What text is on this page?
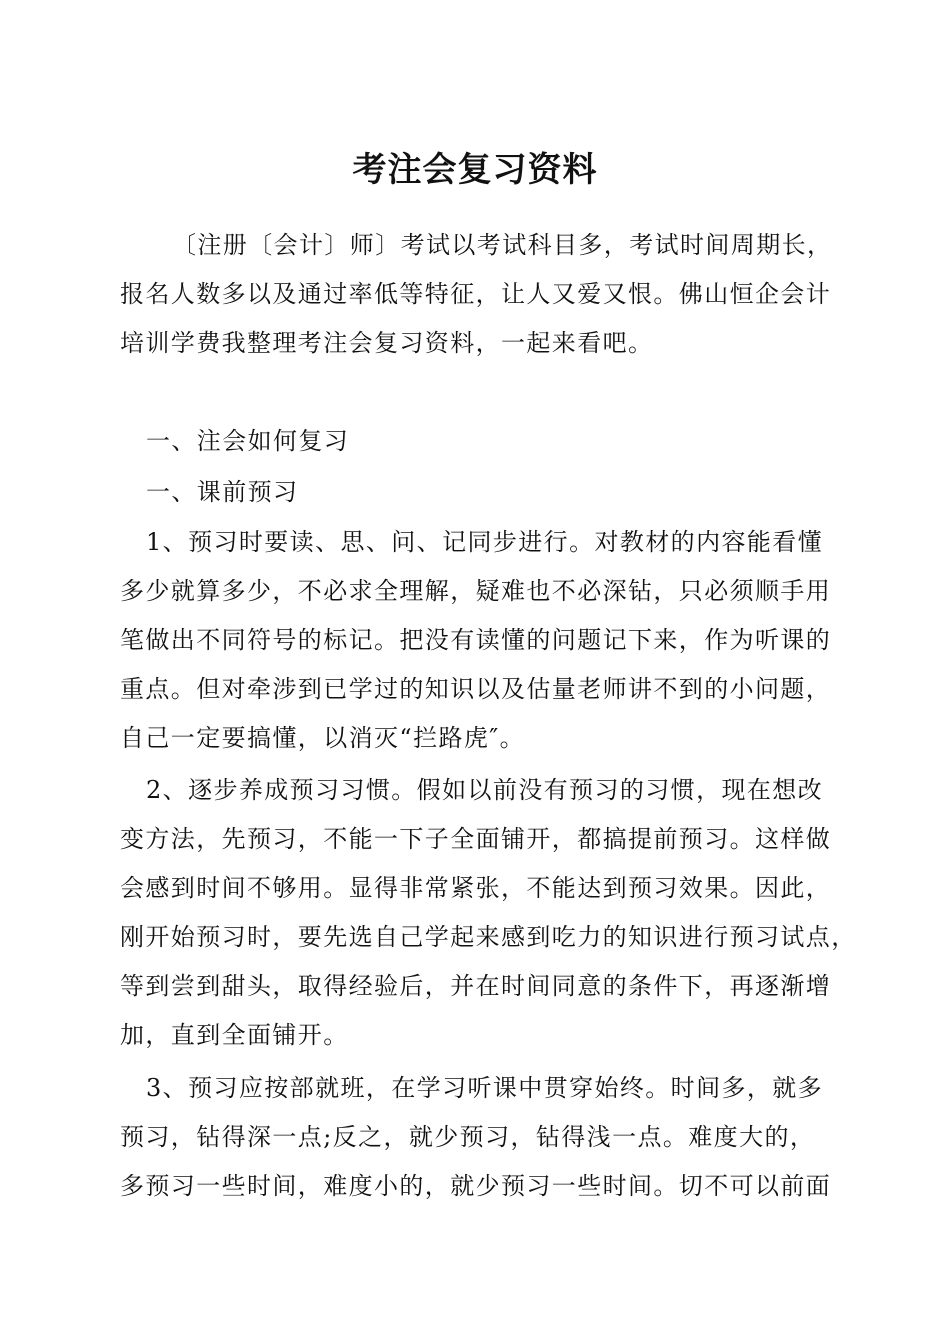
考注会复习资料
〔注册〔会计〕师〕考试以考试科目多，考试时间周期长，
报名人数多以及通过率低等特征，让人又爱又恨。佛山恒企会计
培训学费我整理考注会复习资料，一起来看吧。
一、注会如何复习
一、课前预习
1、预习时要读、思、问、记同步进行。对教材的内容能看懂
多少就算多少，不必求全理解，疑难也不必深钻，只必须顺手用
笔做出不同符号的标记。把没有读懂的问题记下来，作为听课的
重点。但对牵涉到已学过的知识以及估量老师讲不到的小问题，
自己一定要搞懂，以消灭“拦路虎″。
2、逐步养成预习习惯。假如以前没有预习的习惯，现在想改
变方法，先预习，不能一下子全面铺开，都搞提前预习。这样做
会感到时间不够用。显得非常紧张，不能达到预习效果。因此，
刚开始预习时，要先选自己学起来感到吃力的知识进行预习试点，
等到尝到甜头，取得经验后，并在时间同意的条件下，再逐渐增
加，直到全面铺开。
3、预习应按部就班，在学习听课中贯穿始终。时间多，就多
预习，钻得深一点;反之，就少预习，钻得浅一点。难度大的，
多预习一些时间，难度小的，就少预习一些时间。切不可以前面
